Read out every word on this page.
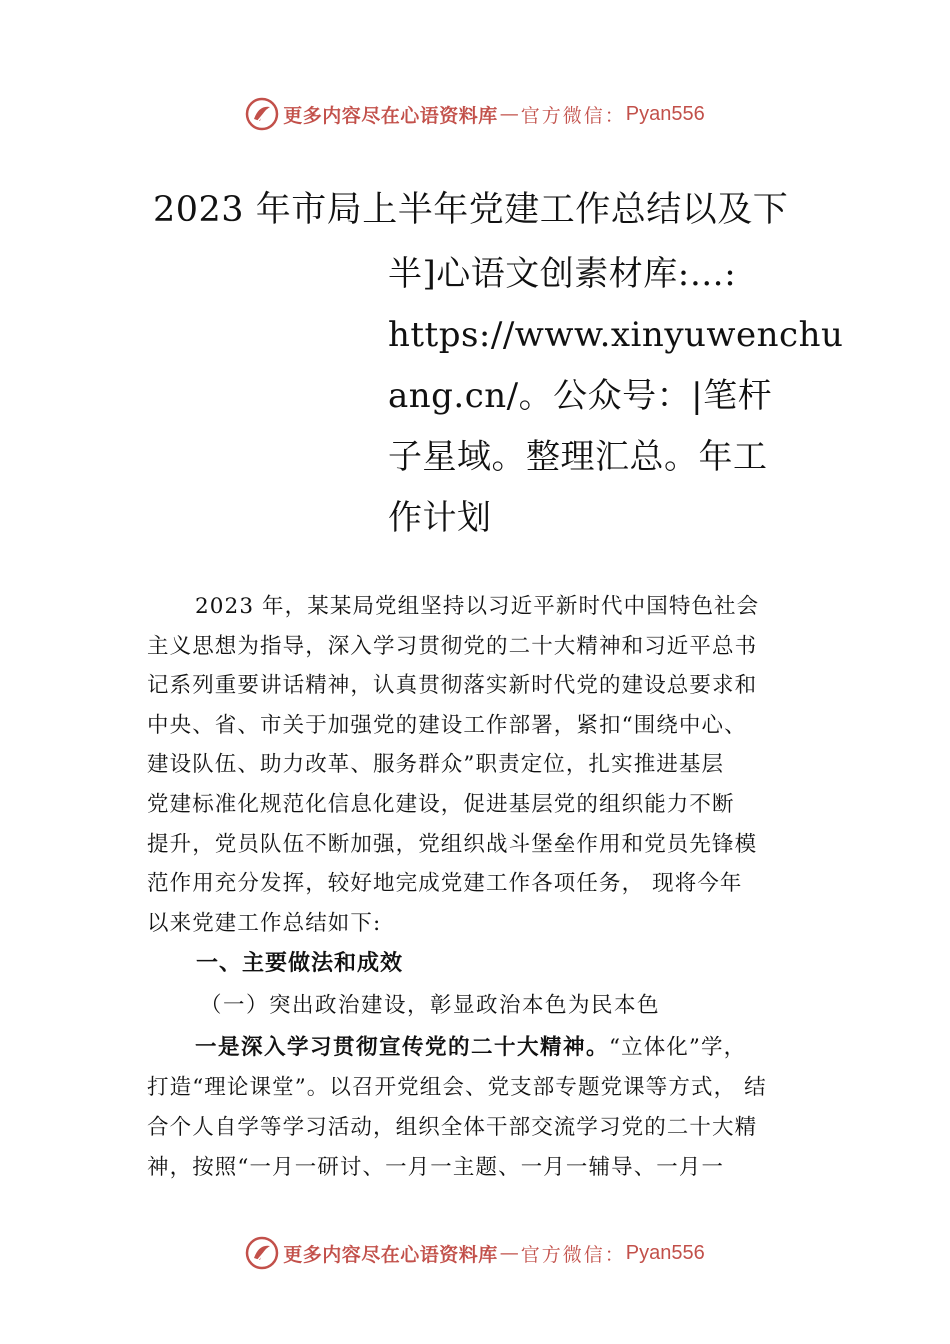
更多内容尽在心语资料库 — 官方微信： Pyan556
2023 年市局上半年党建工作总结以及下
半]心语文创素材库:…:
https://www.xinyuwenchu
ang.cn/。公众号：|笔杆
子星域。整理汇总。年工
作计划
2023 年，某某局党组坚持以习近平新时代中国特色社会
主义思想为指导，深入学习贯彻党的二十大精神和习近平总书
记系列重要讲话精神，认真贯彻落实新时代党的建设总要求和
中央、省、市关于加强党的建设工作部署，紧扣“围绕中心、
建设队伍、助力改革、服务群众”职责定位，扎实推进基层
党建标准化规范化信息化建设，促进基层党的组织能力不断
提升，党员队伍不断加强，党组织战斗堡垒作用和党员先锋模
范作用充分发挥，较好地完成党建工作各项任务， 现将今年
以来党建工作总结如下:
一、主要做法和成效
（一）突出政治建设，彰显政治本色为民本色
一是深入学习贯彻宣传党的二十大精神。“立体化”学，
打造“理论课堂”。以召开党组会、党支部专题党课等方式， 结
合个人自学等学习活动，组织全体干部交流学习党的二十大精
神，按照“一月一研讨、一月一主题、一月一辅导、一月一
更多内容尽在心语资料库 — 官方微信： Pyan556
